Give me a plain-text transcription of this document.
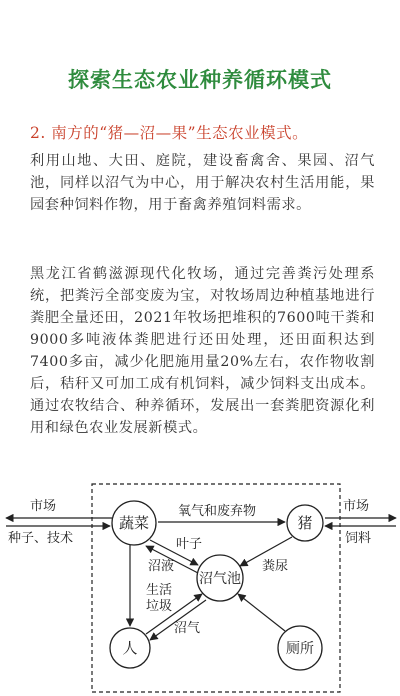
探索生态农业种养循环模式
2. 南方的“猪—沼—果”生态农业模式。
利用山地、大田、庭院，建设畜禽舍、果园、沼气池，同样以沼气为中心，用于解决农村生活用能，果园套种饲料作物，用于畜禽养殖饲料需求。
黑龙江省鹤滋源现代化牧场，通过完善粪污处理系统，把粪污全部变废为宝，对牧场周边种植基地进行粪肥全量还田，2021年牧场把堆积的7600吨干粪和9000多吨液体粪肥进行还田处理，还田面积达到7400多亩，减少化肥施用量20%左右，农作物收割后，秸秆又可加工成有机饲料，减少饲料支出成本。通过农牧结合、种养循环，发展出一套粪肥资源化利用和绿色农业发展新模式。
蔬菜	猪
沼气池
人	厕所
市场
种子、技术
市场
饲料
氧气和废弃物
叶子
沼液	粪尿
生活
垃圾
沼气
